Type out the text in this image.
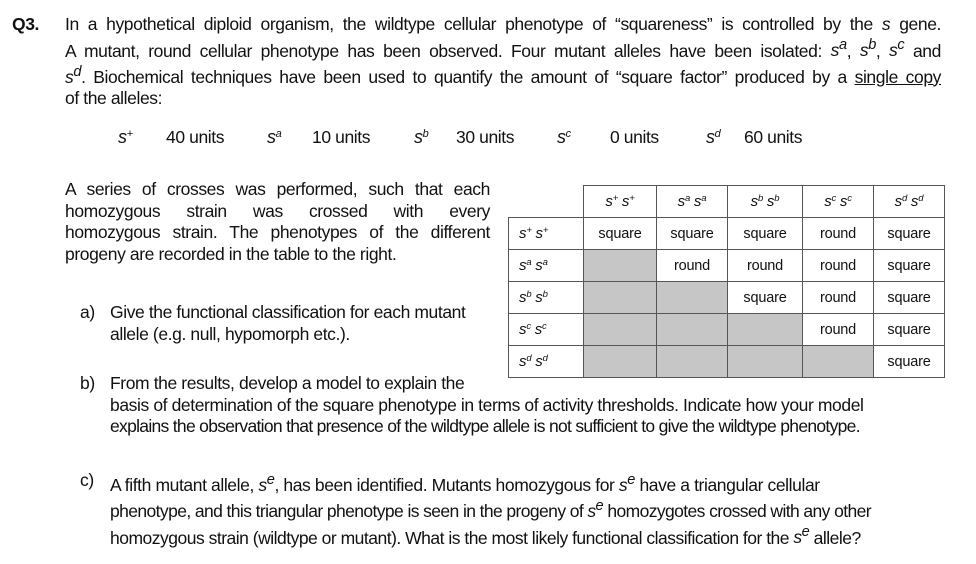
Q3. In a hypothetical diploid organism, the wildtype cellular phenotype of “squareness” is controlled by the s gene.
A mutant, round cellular phenotype has been observed. Four mutant alleles have been isolated: $s^a$, $s^b$, $s^c$ and
$s^d$. Biochemical techniques have been used to quantify the amount of “square factor” produced by a single copy
of the alleles:
s+ 40 units $s^a$ 10 units $s^b$ 30 units $s^c$ 0 units	$s^d$ 60 units
A series of crosses was performed, such that each
homozygous strain was crossed with every
homozygous strain. The phenotypes of the different
progeny are recorded in the table to the right.
a) Give the functional classification for each mutant
allele (e.g. null, hypomorph etc.).
b) From the results, develop a model to explain the
basis of determination of the square phenotype in terms of activity thresholds. Indicate how your model
explains the observation that presence of the wildtype allele is not sufficient to give the wildtype phenotype.
c) A fifth mutant allele, $s^e$, has been identified. Mutants homozygous for $s^e$ have a triangular cellular
phenotype, and this triangular phenotype is seen in the progeny of $s^e$ homozygotes crossed with any other
homozygous strain (wildtype or mutant). What is the most likely functional classification for the $s^e$ allele?
	s+ s+	$s^a$ $s^a$	$s^b$ $s^b$	$s^c$ $s^c$	$s^d$ $s^d$
s+ s+	square	square	square	round	square
$s^a$ $s^a$		round	round	round	square
$s^b$ $s^b$			square	round	square
$s^c$ $s^c$				round	square
$s^d$ $s^d$					square
